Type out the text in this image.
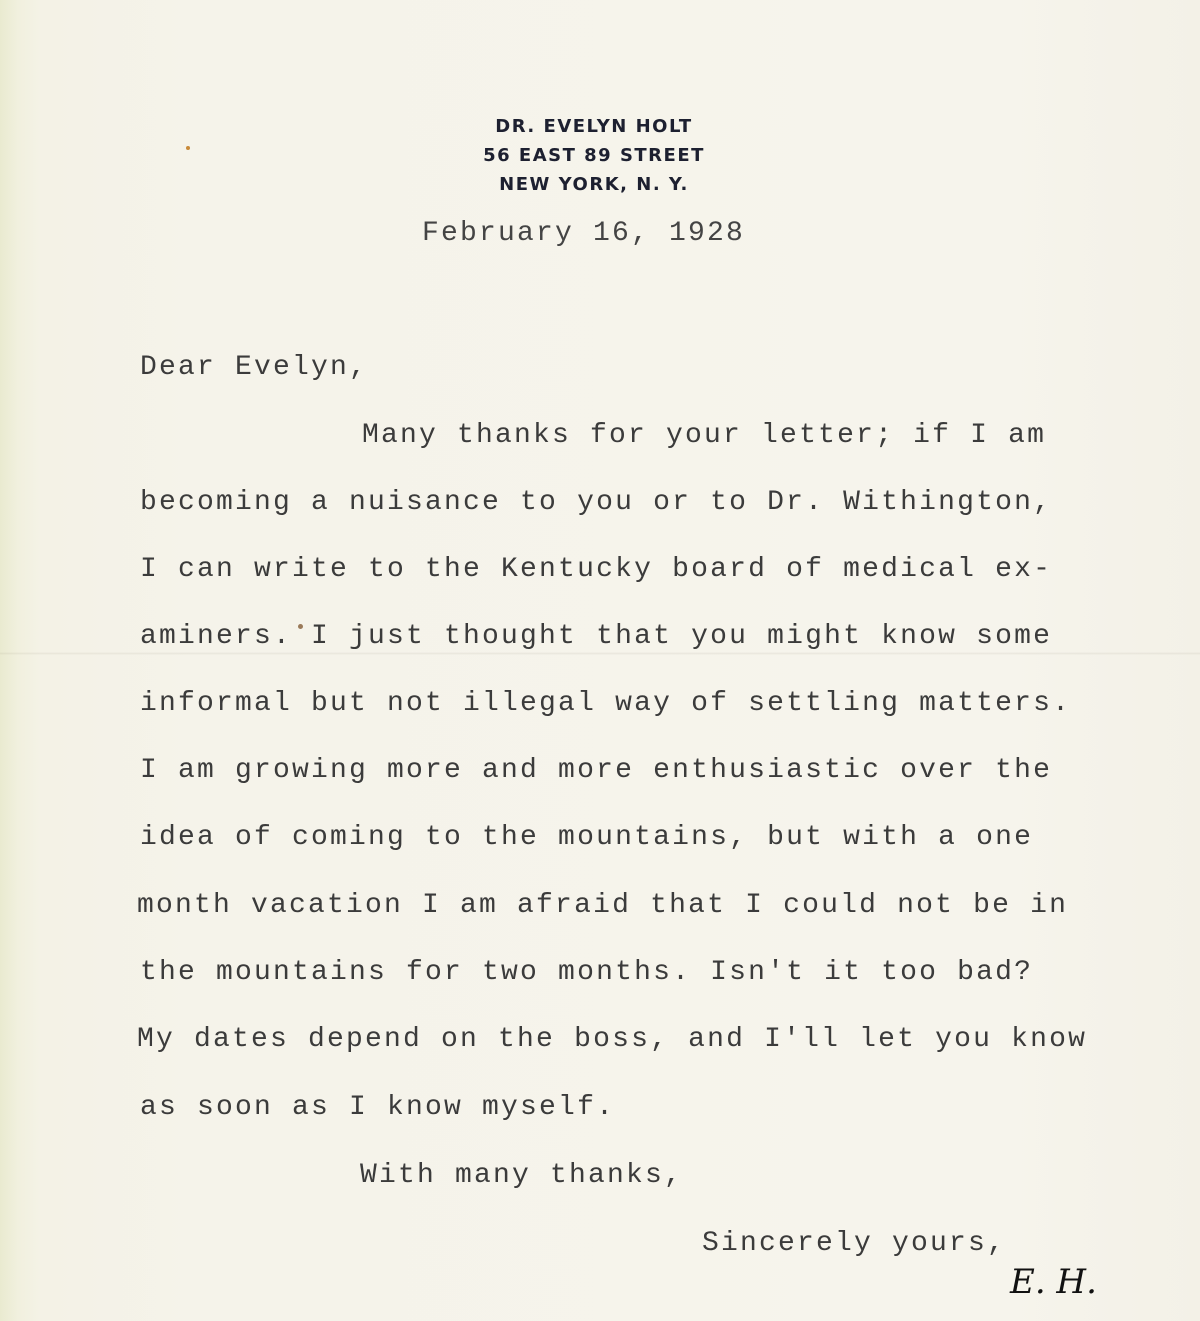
DR. EVELYN HOLT
56 EAST 89 STREET
NEW YORK, N. Y.
February 16, 1928
Dear Evelyn,
Many thanks for your letter; if I am
becoming a nuisance to you or to Dr. Withington,
I can write to the Kentucky board of medical ex-
aminers. I just thought that you might know some
informal but not illegal way of settling matters.
I am growing more and more enthusiastic over the
idea of coming to the mountains, but with a one
month vacation I am afraid that I could not be in
the mountains for two months. Isn't it too bad?
My dates depend on the boss, and I'll let you know
as soon as I know myself.
With many thanks,
Sincerely yours,
E. H.
